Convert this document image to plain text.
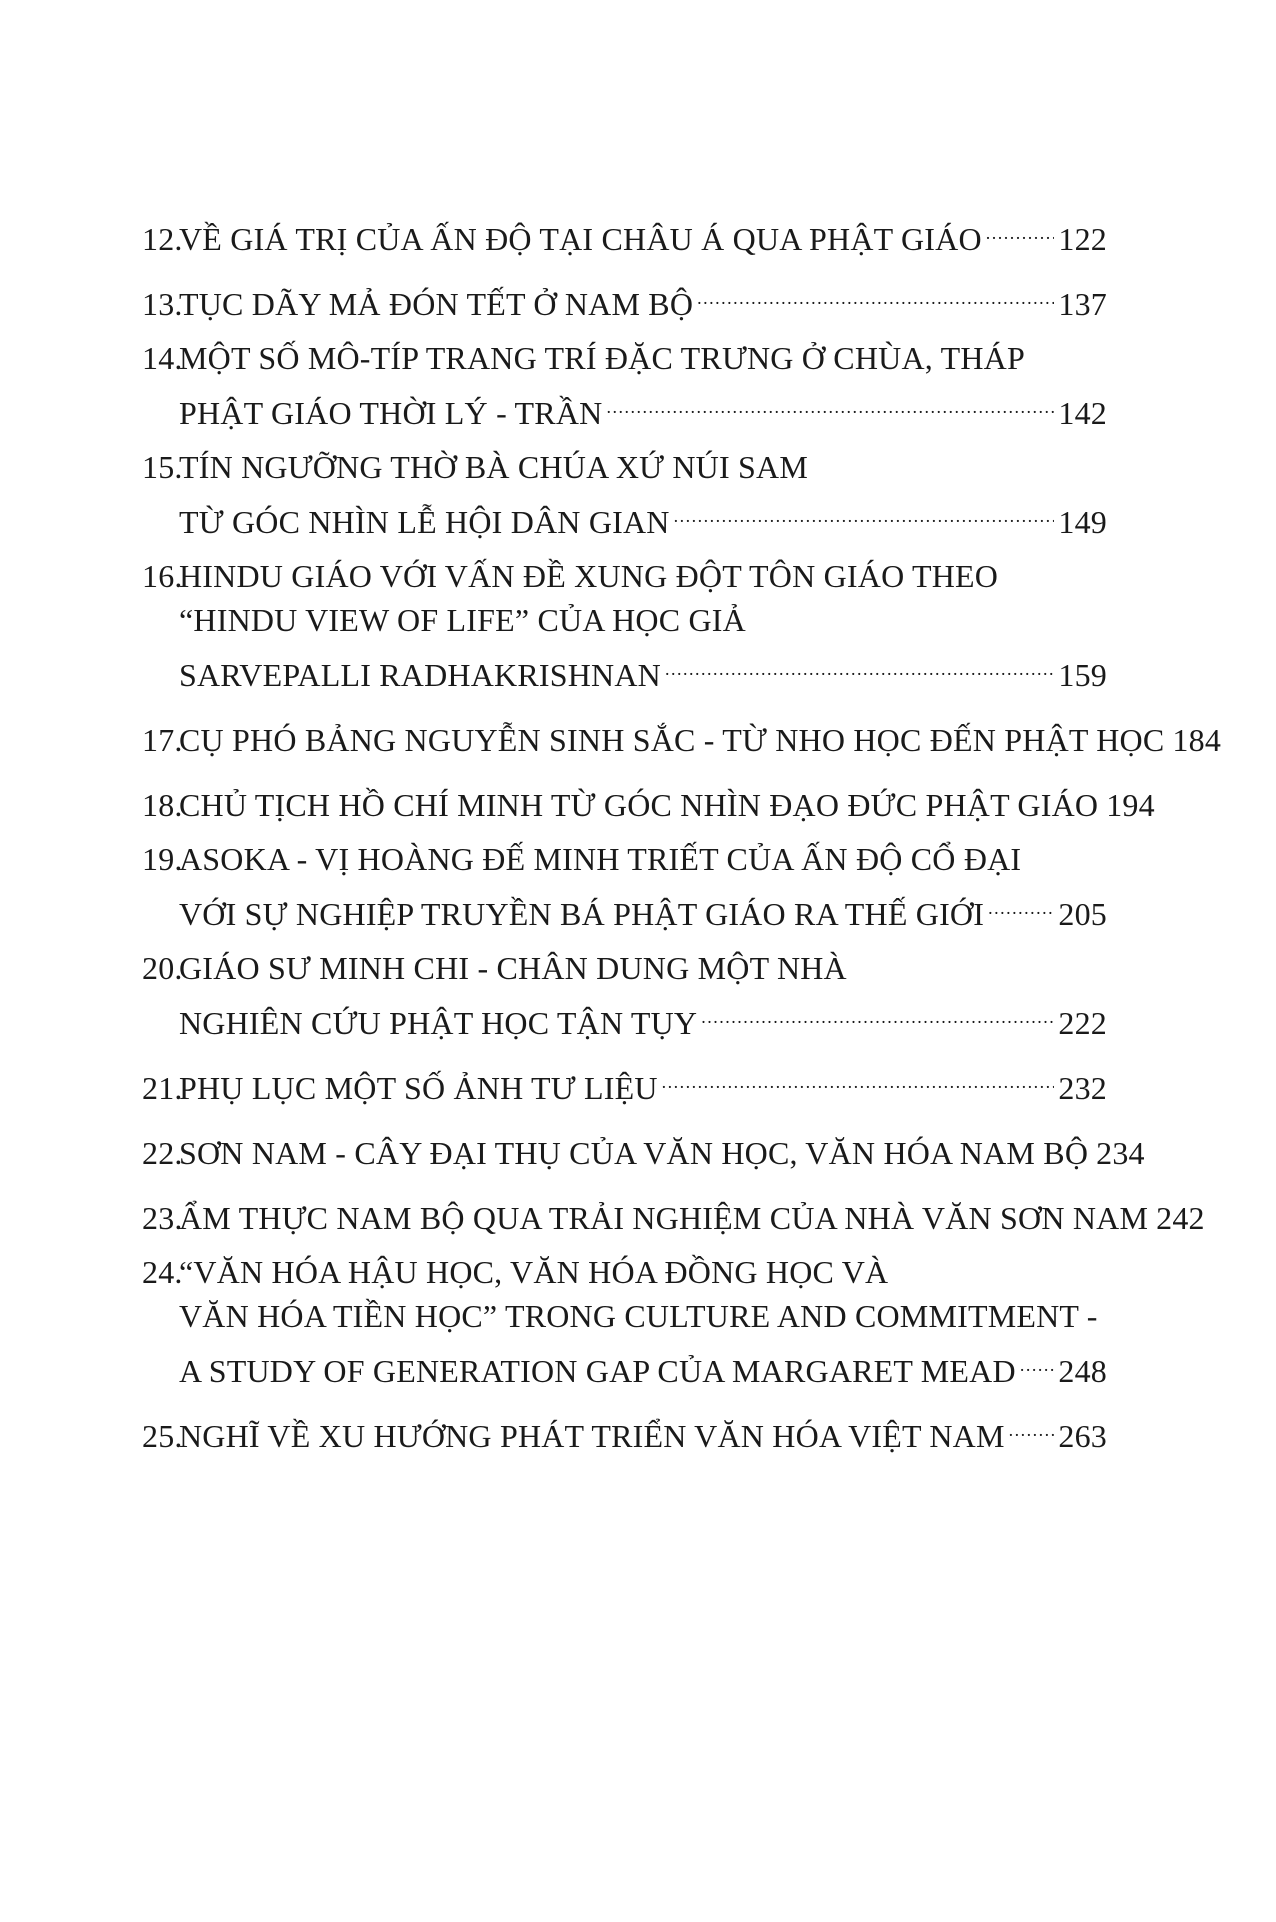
12.
VỀ GIÁ TRỊ CỦA ẤN ĐỘ TẠI CHÂU Á QUA PHẬT GIÁO ..... 122
13.
TỤC DÃY MẢ ĐÓN TẾT Ở NAM BỘ .....	137
14.
MỘT SỐ MÔ-TÍP TRANG TRÍ ĐẶC TRƯNG Ở CHÙA, THÁP
PHẬT GIÁO THỜI LÝ - TRẦN .....	142
15.
TÍN NGƯỠNG THỜ BÀ CHÚA XỨ NÚI SAM
TỪ GÓC NHÌN LỄ HỘI DÂN GIAN .....	149
16.
HINDU GIÁO VỚI VẤN ĐỀ XUNG ĐỘT TÔN GIÁO THEO
“HINDU VIEW OF LIFE” CỦA HỌC GIẢ
SARVEPALLI RADHAKRISHNAN .....	159
17.
CỤ PHÓ BẢNG NGUYỄN SINH SẮC - TỪ NHO HỌC ĐẾN PHẬT HỌC 184
18.
CHỦ TỊCH HỒ CHÍ MINH TỪ GÓC NHÌN ĐẠO ĐỨC PHẬT GIÁO 194
19.
ASOKA - VỊ HOÀNG ĐẾ MINH TRIẾT CỦA ẤN ĐỘ CỔ ĐẠI
VỚI SỰ NGHIỆP TRUYỀN BÁ PHẬT GIÁO RA THẾ GIỚI ..... 205
20.
GIÁO SƯ MINH CHI - CHÂN DUNG MỘT NHÀ
NGHIÊN CỨU PHẬT HỌC TẬN TỤY .....	222
21.
PHỤ LỤC MỘT SỐ ẢNH TƯ LIỆU .....	232
22.
SƠN NAM - CÂY ĐẠI THỤ CỦA VĂN HỌC, VĂN HÓA NAM BỘ 234
23.
ẨM THỰC NAM BỘ QUA TRẢI NGHIỆM CỦA NHÀ VĂN SƠN NAM 242
24.
“VĂN HÓA HẬU HỌC, VĂN HÓA ĐỒNG HỌC VÀ
VĂN HÓA TIỀN HỌC” TRONG CULTURE AND COMMITMENT -
A STUDY OF GENERATION GAP CỦA MARGARET MEAD ..... 248
25.
NGHĨ VỀ XU HƯỚNG PHÁT TRIỂN VĂN HÓA VIỆT NAM ..... 263
